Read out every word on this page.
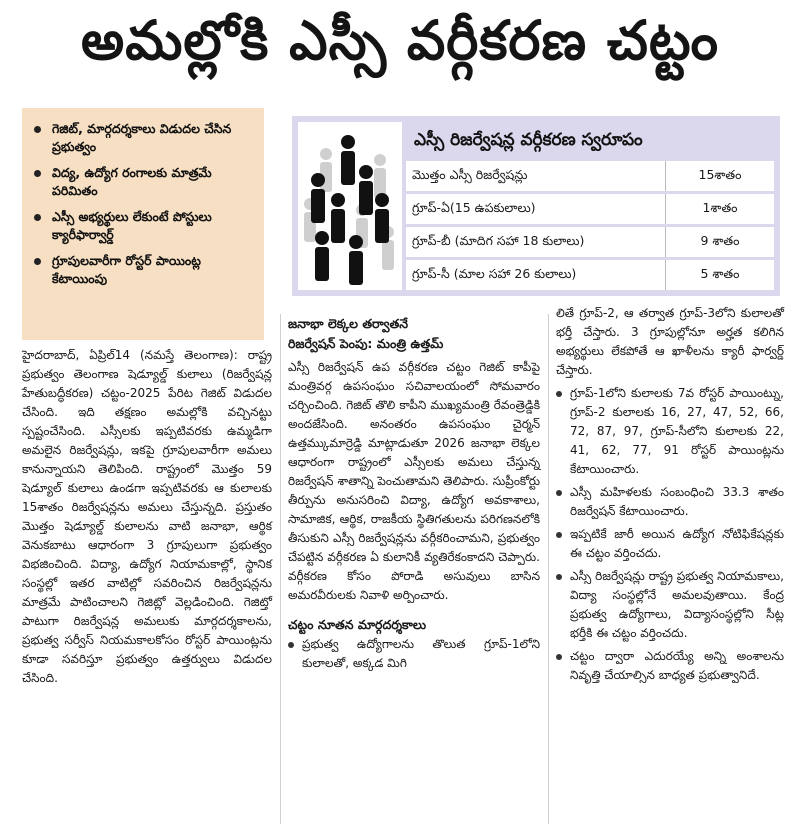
అమల్లోకి ఎస్సీ వర్గీకరణ చట్టం
గెజిట్, మార్గదర్శకాలు విడుదల చేసిన ప్రభుత్వం
విద్య, ఉద్యోగ రంగాలకు మాత్రమే పరిమితం
ఎస్సీ అభ్యర్థులు లేకుంటే పోస్టులు క్యారీఫార్వార్డ్
గ్రూపులవారీగా రోస్టర్ పాయింట్ల కేటాయింపు
ఎస్సీ రిజర్వేషన్ల వర్గీకరణ స్వరూపం
మొత్తం ఎస్సీ రిజర్వేషన్లు	15శాతం
గ్రూప్-ఏ(15 ఉపకులాలు)	1శాతం
గ్రూప్-బీ (మాదిగ సహా 18 కులాలు)	9 శాతం
గ్రూప్-సీ (మాల సహా 26 కులాలు)	5 శాతం
హైదరాబాద్, ఏప్రిల్14 (నమస్తే తెలంగాణ): రాష్ట్ర ప్రభుత్వం తెలంగాణ షెడ్యూల్డ్ కులాలు (రిజర్వేషన్ల హేతుబద్ధీకరణ) చట్టం-2025 పేరిట గెజిట్ విడుదల చేసింది. ఇది తక్షణం అమల్లోకి వచ్చినట్టు స్పష్టంచేసింది. ఎస్సీలకు ఇప్పటివరకు ఉమ్మడిగా అమలైన రిజర్వేషన్లు, ఇకపై గ్రూపులవారీగా అమలు కానున్నాయని తెలిపింది. రాష్ట్రంలో మొత్తం 59 షెడ్యూల్ కులాలు ఉండగా ఇప్పటివరకు ఆ కులాలకు 15శాతం రిజర్వేషన్లను అమలు చేస్తున్నది. ప్రస్తుతం మొత్తం షెడ్యూల్డ్ కులాలను వాటి జనాభా, ఆర్థిక వెనుకబాటు ఆధారంగా 3 గ్రూపులుగా ప్రభుత్వం విభజించింది. విద్యా, ఉద్యోగ నియామకాల్లో, స్థానిక సంస్థల్లో ఇతర వాటిల్లో సవరించిన రిజర్వేషన్లను మాత్రమే పాటించాలని గెజిట్లో వెల్లడించింది. గెజిట్తో పాటుగా రిజర్వేషన్ల అమలుకు మార్గదర్శకాలను, ప్రభుత్వ సర్వీస్ నియమకాలకోసం రోస్టర్ పాయింట్లను కూడా సవరిస్తూ ప్రభుత్వం ఉత్తర్వులు విడుదల చేసింది.
జనాభా లెక్కల తర్వాతనే
రిజర్వేషన్ పెంపు: మంత్రి ఉత్తమ్
ఎస్సీ రిజర్వేషన్ ఉప వర్గీకరణ చట్టం గెజిట్ కాపీపై మంత్రివర్గ ఉపసంఘం సచివాలయంలో సోమవారం చర్చించింది. గెజిట్ తొలి కాపీని ముఖ్యమంత్రి రేవంత్రెడ్డికి అందజేసింది. అనంతరం ఉపసంఘం చైర్మన్ ఉత్తమ్కుమార్రెడ్డి మాట్లాడుతూ 2026 జనాభా లెక్కల ఆధారంగా రాష్ట్రంలో ఎస్సీలకు అమలు చేస్తున్న రిజర్వేషన్ శాతాన్ని పెంచుతామని తెలిపారు. సుప్రీంకోర్టు తీర్పును అనుసరించి విద్యా, ఉద్యోగ అవకాశాలు, సామాజిక, ఆర్థిక, రాజకీయ స్థితిగతులను పరిగణనలోకి తీసుకుని ఎస్సీ రిజర్వేషన్లను వర్గీకరించామని, ప్రభుత్వం చేపట్టిన వర్గీకరణ ఏ కులానికీ వ్యతిరేకంకాదని చెప్పారు. వర్గీకరణ కోసం పోరాడి అసువులు బాసిన అమరవీరులకు నివాళి అర్పించారు.
చట్టం నూతన మార్గదర్శకాలు
ప్రభుత్వ ఉద్యోగాలను తొలుత గ్రూప్-1లోని కులాలతో, అక్కడ మిగి
లితే గ్రూప్-2, ఆ తర్వాత గ్రూప్-3లోని కులాలతో భర్తీ చేస్తారు. 3 గ్రూపుల్లోనూ అర్హత కలిగిన అభ్యర్థులు లేకపోతే ఆ ఖాళీలను క్యారీ ఫార్వర్డ్ చేస్తారు.
గ్రూప్-1లోని కులాలకు 7వ రోస్టర్ పాయింట్ను, గ్రూప్-2 కులాలకు 16, 27, 47, 52, 66, 72, 87, 97, గ్రూప్-సీలోని కులాలకు 22, 41, 62, 77, 91 రోస్టర్ పాయింట్లను కేటాయించారు.
ఎస్సీ మహిళలకు సంబంధించి 33.3 శాతం రిజర్వేషన్ కేటాయించారు.
ఇప్పటికే జారీ అయిన ఉద్యోగ నోటిఫికేషన్లకు ఈ చట్టం వర్తించదు.
ఎస్సీ రిజర్వేషన్లు రాష్ట్ర ప్రభుత్వ నియామకాలు, విద్యా సంస్థల్లోనే అమలవుతాయి. కేంద్ర ప్రభుత్వ ఉద్యోగాలు, విద్యాసంస్థల్లోని సీట్ల భర్తీకి ఈ చట్టం వర్తించదు.
చట్టం ద్వారా ఎదురయ్యే అన్ని అంశాలను నివృత్తి చేయాల్సిన బాధ్యత ప్రభుత్వానిదే.
